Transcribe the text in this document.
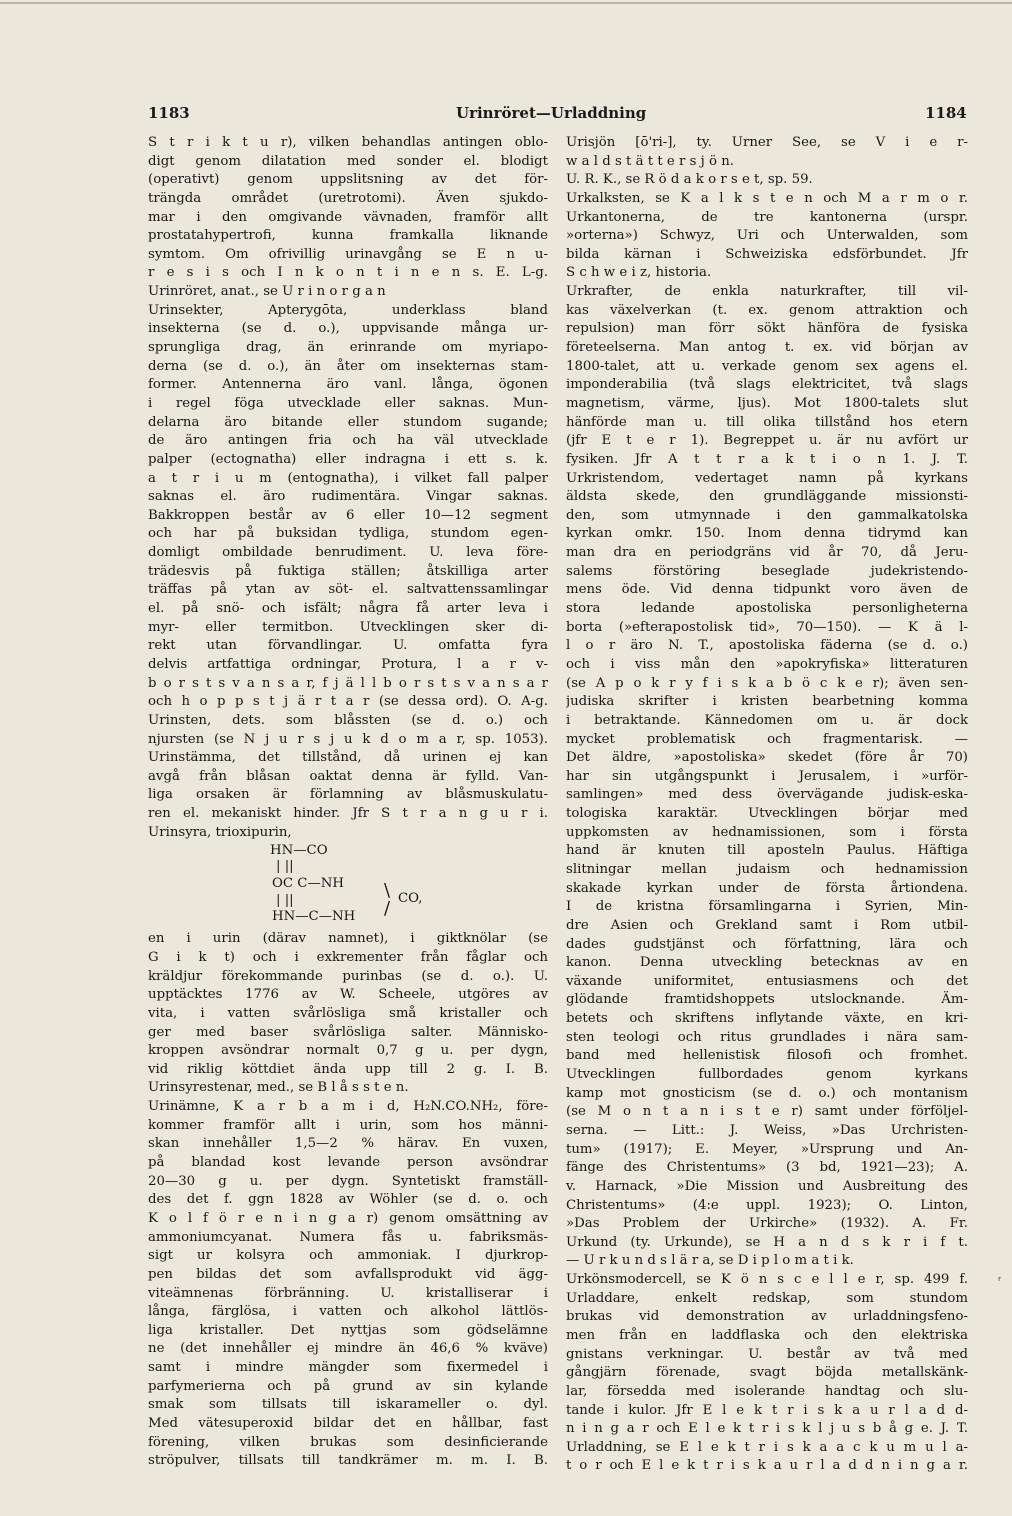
1183	Urinröret—Urladdning	1184
S t r i k t u r), vilken behandlas antingen oblo-
digt genom dilatation med sonder el. blodigt
(operativt) genom uppslitsning av det för-
trängda området (uretrotomi). Även sjukdo-
mar i den omgivande vävnaden, framför allt
prostatahypertrofi, kunna framkalla liknande
symtom. Om ofrivillig urinavgång se E n u-
r e s i s och I n k o n t i n e n s. E. L-g.
Urinröret, anat., se U r i n o r g a n
Urinsekter, Apterygōta, underklass bland
insekterna (se d. o.), uppvisande många ur-
sprungliga drag, än erinrande om myriapo-
derna (se d. o.), än åter om insekternas stam-
former. Antennerna äro vanl. långa, ögonen
i regel föga utvecklade eller saknas. Mun-
delarna äro bitande eller stundom sugande;
de äro antingen fria och ha väl utvecklade
palper (ectognatha) eller indragna i ett s. k.
a t r i u m (entognatha), i vilket fall palper
saknas el. äro rudimentära. Vingar saknas.
Bakkroppen består av 6 eller 10—12 segment
och har på buksidan tydliga, stundom egen-
domligt ombildade benrudiment. U. leva före-
trädesvis på fuktiga ställen; åtskilliga arter
träffas på ytan av söt- el. saltvattenssamlingar
el. på snö- och isfält; några få arter leva i
myr- eller termitbon. Utvecklingen sker di-
rekt utan förvandlingar. U. omfatta fyra
delvis artfattiga ordningar, Protura, l a r v-
b o r s t s v a n s a r, f j ä l l b o r s t s v a n s a r
och h o p p s t j ä r t a r (se dessa ord). O. A-g.
Urinsten, dets. som blåssten (se d. o.) och
njursten (se N j u r s j u k d o m a r, sp. 1053).
Urinstämma, det tillstånd, då urinen ej kan
avgå från blåsan oaktat denna är fylld. Van-
liga orsaken är förlamning av blåsmuskulatu-
ren el. mekaniskt hinder. Jfr S t r a n g u r i.
Urinsyra, trioxipurin,
HN—CO
| ||
OC C—NH
| ||
HN—C—NH
\
/ CO,
en i urin (därav namnet), i giktknölar (se
G i k t) och i exkrementer från fåglar och
kräldjur förekommande purinbas (se d. o.). U.
upptäcktes 1776 av W. Scheele, utgöres av
vita, i vatten svårlösliga små kristaller och
ger med baser svårlösliga salter. Människo-
kroppen avsöndrar normalt 0,7 g u. per dygn,
vid riklig köttdiet ända upp till 2 g. I. B.
Urinsyrestenar, med., se B l å s s t e n.
Urinämne, K a r b a m i d, H₂N.CO.NH₂, före-
kommer framför allt i urin, som hos männi-
skan innehåller 1,5—2 % härav. En vuxen,
på blandad kost levande person avsöndrar
20—30 g u. per dygn. Syntetiskt framställ-
des det f. ggn 1828 av Wöhler (se d. o. och
K o l f ö r e n i n g a r) genom omsättning av
ammoniumcyanat. Numera fås u. fabriksmäs-
sigt ur kolsyra och ammoniak. I djurkrop-
pen bildas det som avfallsprodukt vid ägg-
viteämnenas förbränning. U. kristalliserar i
långa, färglösa, i vatten och alkohol lättlös-
liga kristaller. Det nyttjas som gödselämne
ne (det innehåller ej mindre än 46,6 % kväve)
samt i mindre mängder som fixermedel i
parfymerierna och på grund av sin kylande
smak som tillsats till iskarameller o. dyl.
Med vätesuperoxid bildar det en hållbar, fast
förening, vilken brukas som desinficierande
ströpulver, tillsats till tandkrämer m. m. I. B.
Urisjön [ō'ri-], ty. Urner See, se V i e r-
w a l d s t ä t t e r s j ö n.
U. R. K., se R ö d a k o r s e t, sp. 59.
Urkalksten, se K a l k s t e n och M a r m o r.
Urkantonerna, de tre kantonerna (urspr.
»orterna») Schwyz, Uri och Unterwalden, som
bilda kärnan i Schweiziska edsförbundet. Jfr
S c h w e i z, historia.
Urkrafter, de enkla naturkrafter, till vil-
kas växelverkan (t. ex. genom attraktion och
repulsion) man förr sökt hänföra de fysiska
företeelserna. Man antog t. ex. vid början av
1800-talet, att u. verkade genom sex agens el.
imponderabilia (två slags elektricitet, två slags
magnetism, värme, ljus). Mot 1800-talets slut
hänförde man u. till olika tillstånd hos etern
(jfr E t e r 1). Begreppet u. är nu avfört ur
fysiken. Jfr A t t r a k t i o n 1. J. T.
Urkristendom, vedertaget namn på kyrkans
äldsta skede, den grundläggande missionsti-
den, som utmynnade i den gammalkatolska
kyrkan omkr. 150. Inom denna tidrymd kan
man dra en periodgräns vid år 70, då Jeru-
salems förstöring beseglade judekristendo-
mens öde. Vid denna tidpunkt voro även de
stora ledande apostoliska personligheterna
borta (»efterapostolisk tid», 70—150). — K ä l-
l o r äro N. T., apostoliska fäderna (se d. o.)
och i viss mån den »apokryfiska» litteraturen
(se A p o k r y f i s k a b ö c k e r); även sen-
judiska skrifter i kristen bearbetning komma
i betraktande. Kännedomen om u. är dock
mycket problematisk och fragmentarisk. —
Det äldre, »apostoliska» skedet (före år 70)
har sin utgångspunkt i Jerusalem, i »urför-
samlingen» med dess övervägande judisk-eska-
tologiska karaktär. Utvecklingen börjar med
uppkomsten av hednamissionen, som i första
hand är knuten till aposteln Paulus. Häftiga
slitningar mellan judaism och hednamission
skakade kyrkan under de första årtiondena.
I de kristna församlingarna i Syrien, Min-
dre Asien och Grekland samt i Rom utbil-
dades gudstjänst och författning, lära och
kanon. Denna utveckling betecknas av en
växande uniformitet, entusiasmens och det
glödande framtidshoppets utslocknande. Äm-
betets och skriftens inflytande växte, en kri-
sten teologi och ritus grundlades i nära sam-
band med hellenistisk filosofi och fromhet.
Utvecklingen fullbordades genom kyrkans
kamp mot gnosticism (se d. o.) och montanism
(se M o n t a n i s t e r) samt under förföljel-
serna. — Litt.: J. Weiss, »Das Urchristen-
tum» (1917); E. Meyer, »Ursprung und An-
fänge des Christentums» (3 bd, 1921—23); A.
v. Harnack, »Die Mission und Ausbreitung des
Christentums» (4:e uppl. 1923); O. Linton,
»Das Problem der Urkirche» (1932). A. Fr.
Urkund (ty. Urkunde), se H a n d s k r i f t.
— U r k u n d s l ä r a, se D i p l o m a t i k.
Urkönsmodercell, se K ö n s c e l l e r, sp. 499 f.
Urladdare, enkelt redskap, som stundom
brukas vid demonstration av urladdningsfeno-
men från en laddflaska och den elektriska
gnistans verkningar. U. består av två med
gångjärn förenade, svagt böjda metallskänk-
lar, försedda med isolerande handtag och slu-
tande i kulor. Jfr E l e k t r i s k a u r l a d d-
n i n g a r och E l e k t r i s k l j u s b å g e. J. T.
Urladdning, se E l e k t r i s k a a c k u m u l a-
t o r och E l e k t r i s k a u r l a d d n i n g a r.
ᵣ
